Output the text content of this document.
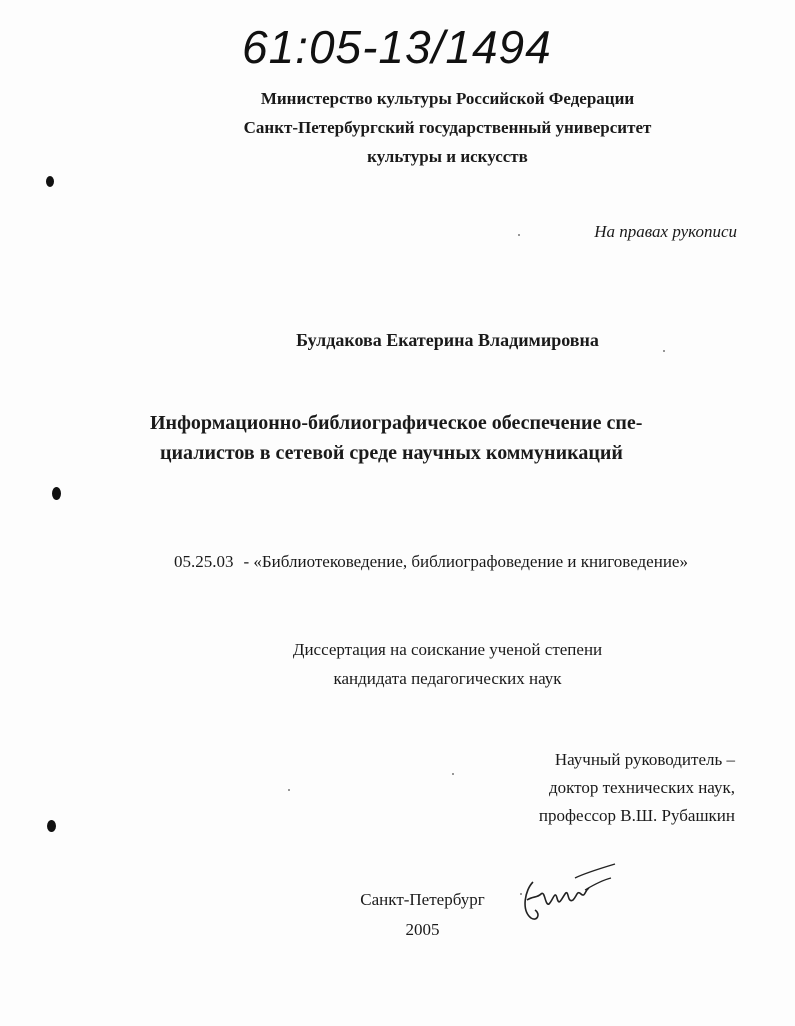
61:05-13/1494
Министерство культуры Российской Федерации
Санкт-Петербургский государственный университет
культуры и искусств
На правах рукописи
Булдакова Екатерина Владимировна
Информационно-библиографическое обеспечение спе-
циалистов в сетевой среде научных коммуникаций
05.25.03 - «Библиотековедение, библиографоведение и книговедение»
Диссертация на соискание ученой степени
кандидата педагогических наук
Научный руководитель –
доктор технических наук,
профессор В.Ш. Рубашкин
Санкт-Петербург
2005
